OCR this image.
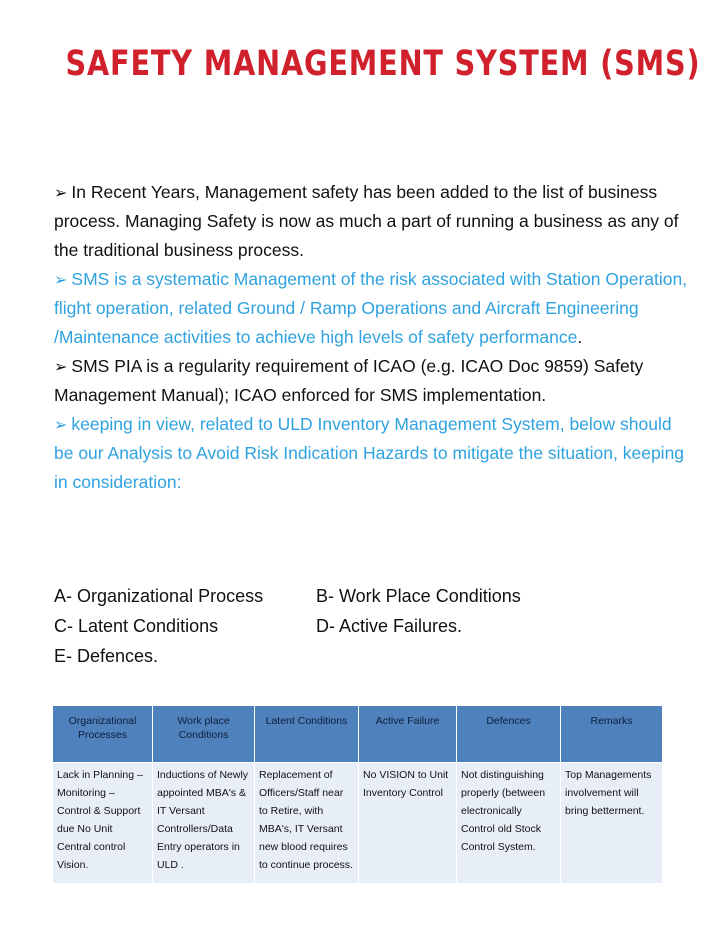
SAFETY MANAGEMENT SYSTEM (SMS)

➢ In Recent Years, Management safety has been added to the list of business process. Managing Safety is now as much a part of running a business as any of the traditional business process.

➢ SMS is a systematic Management of the risk associated with Station Operation, flight operation, related Ground / Ramp Operations and Aircraft Engineering /Maintenance activities to achieve high levels of safety performance.

➢ SMS PIA is a regularity requirement of ICAO (e.g. ICAO Doc 9859) Safety Management Manual); ICAO enforced for SMS implementation.

➢ keeping in view, related to ULD Inventory Management System, below should be our Analysis to Avoid Risk Indication Hazards to mitigate the situation, keeping in consideration:

A- Organizational Process	B- Work Place Conditions
C- Latent Conditions	D- Active Failures.
E- Defences.
Organizational Processes	Work place Conditions	Latent Conditions	Active Failure	Defences	Remarks
Lack in Planning – Monitoring – Control & Support due No Unit Central control Vision.	Inductions of Newly appointed MBA's & IT Versant Controllers/Data Entry operators in ULD .	Replacement of Officers/Staff near to Retire, with MBA's, IT Versant new blood requires to continue process.	No VISION to Unit Inventory Control	Not distinguishing properly (between electronically Control old Stock Control System.	Top Managements involvement will bring betterment.
